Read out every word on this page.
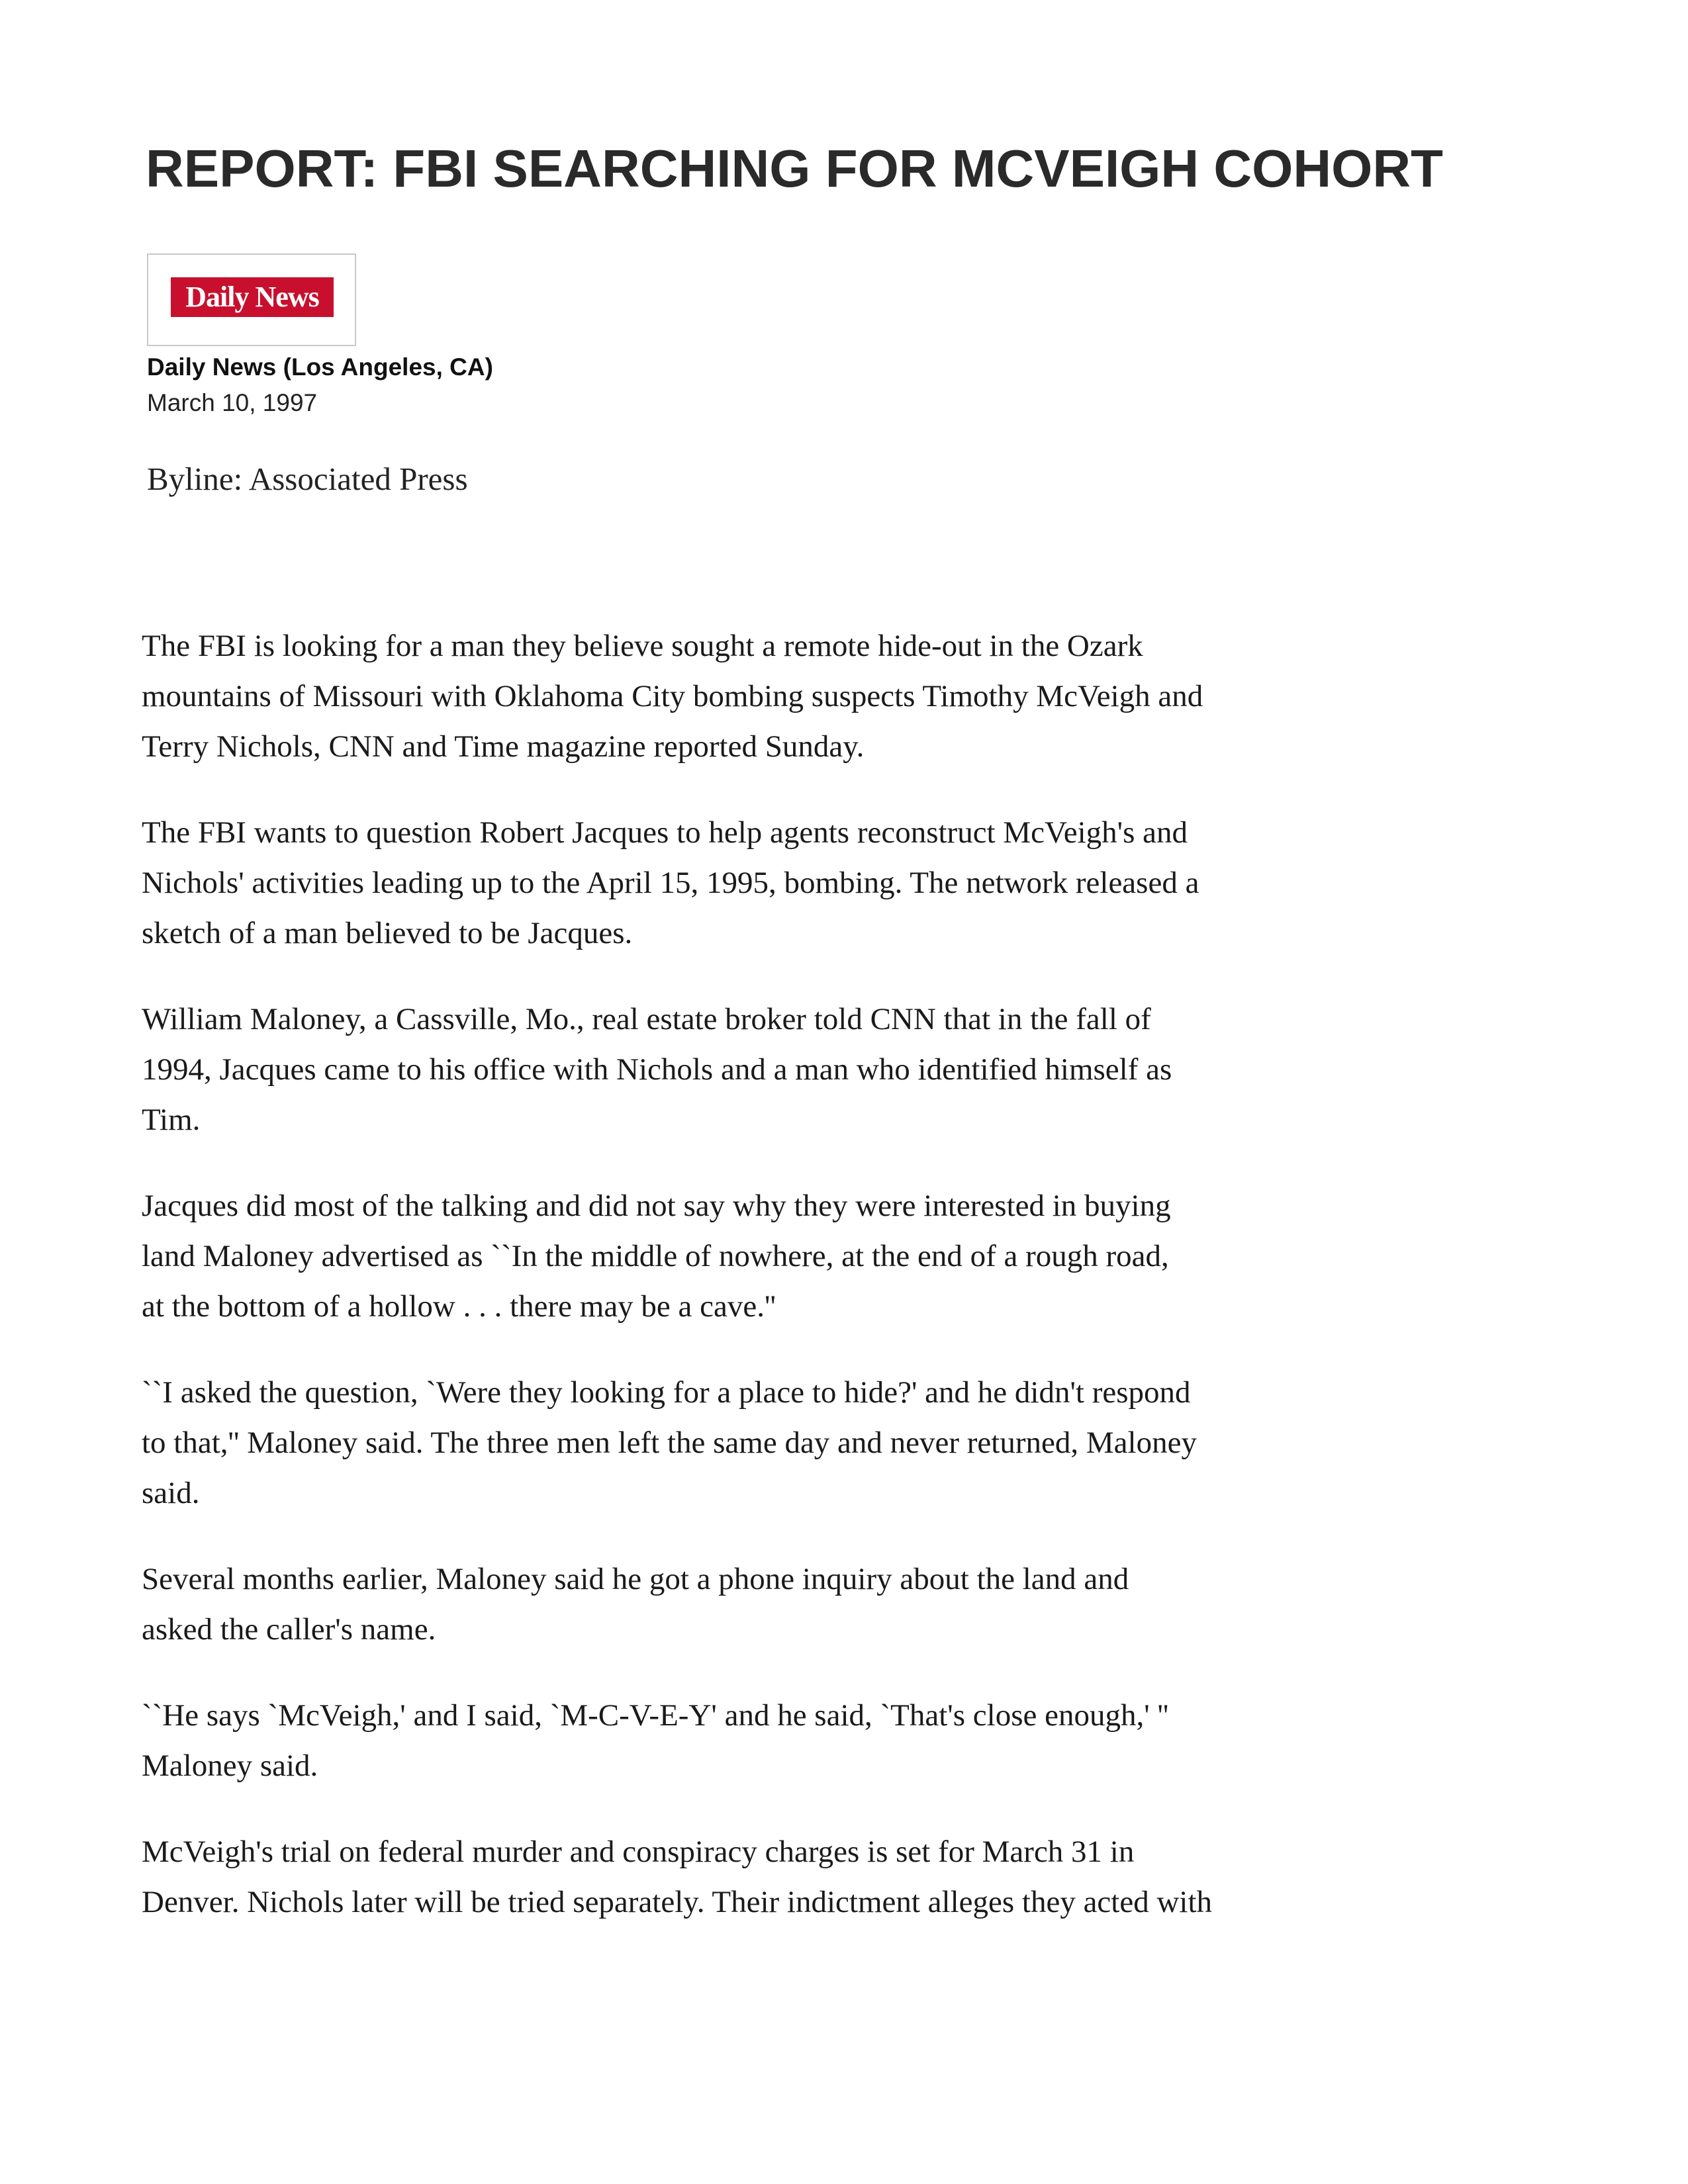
REPORT: FBI SEARCHING FOR MCVEIGH COHORT
Daily News
Daily News (Los Angeles, CA)
March 10, 1997
Byline: Associated Press

The FBI is looking for a man they believe sought a remote hide-out in the Ozark
mountains of Missouri with Oklahoma City bombing suspects Timothy McVeigh and
Terry Nichols, CNN and Time magazine reported Sunday.

The FBI wants to question Robert Jacques to help agents reconstruct McVeigh's and
Nichols' activities leading up to the April 15, 1995, bombing. The network released a
sketch of a man believed to be Jacques.

William Maloney, a Cassville, Mo., real estate broker told CNN that in the fall of
1994, Jacques came to his office with Nichols and a man who identified himself as
Tim.

Jacques did most of the talking and did not say why they were interested in buying
land Maloney advertised as ``In the middle of nowhere, at the end of a rough road,
at the bottom of a hollow . . . there may be a cave.''

``I asked the question, `Were they looking for a place to hide?' and he didn't respond
to that,'' Maloney said. The three men left the same day and never returned, Maloney
said.

Several months earlier, Maloney said he got a phone inquiry about the land and
asked the caller's name.

``He says `McVeigh,' and I said, `M-C-V-E-Y' and he said, `That's close enough,' ''
Maloney said.

McVeigh's trial on federal murder and conspiracy charges is set for March 31 in
Denver. Nichols later will be tried separately. Their indictment alleges they acted with
